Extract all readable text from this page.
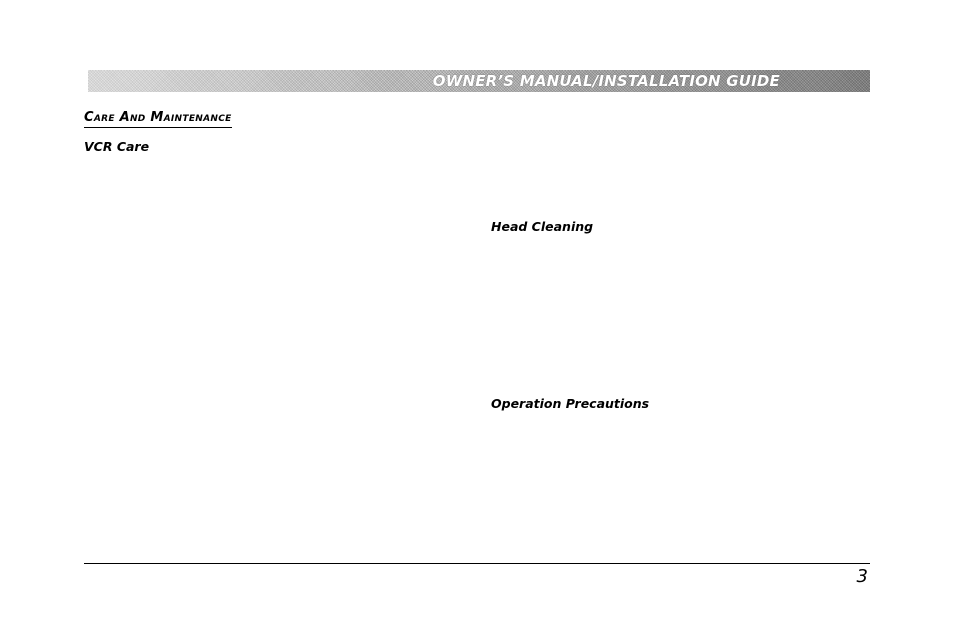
OWNER’S MANUAL/INSTALLATION GUIDE
Care And Maintenance
VCR Care
Head Cleaning
Operation Precautions
3
